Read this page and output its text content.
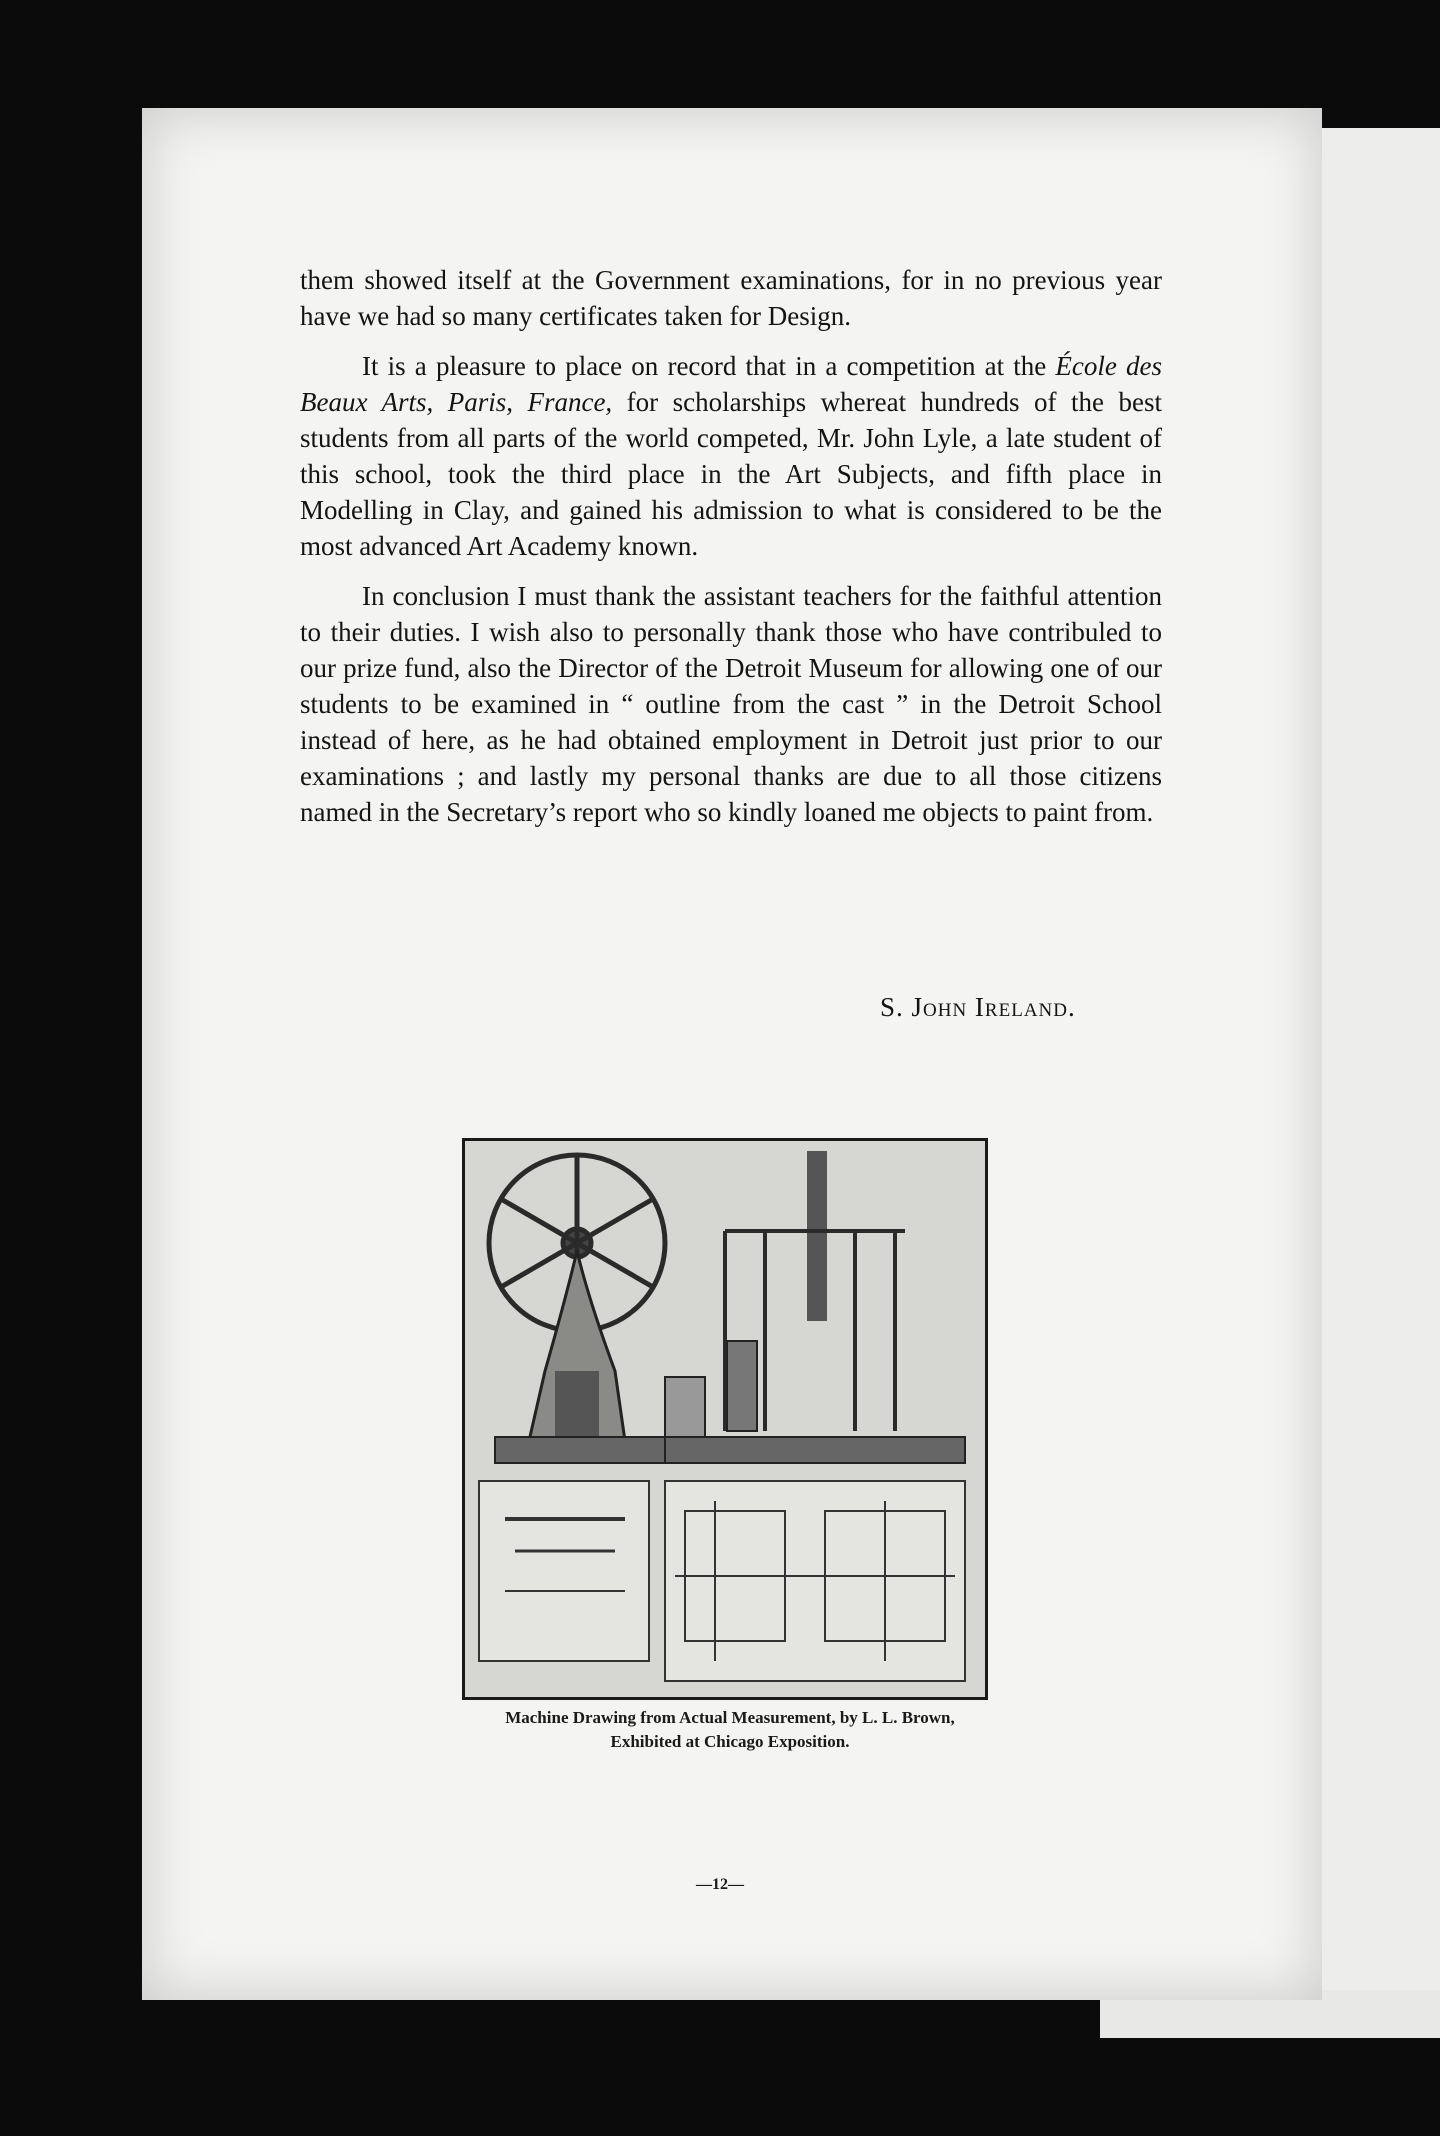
them showed itself at the Government examinations, for in no previous year have we had so many certificates taken for Design.

It is a pleasure to place on record that in a competition at the École des Beaux Arts, Paris, France, for scholarships whereat hundreds of the best students from all parts of the world competed, Mr. John Lyle, a late student of this school, took the third place in the Art Subjects, and fifth place in Modelling in Clay, and gained his admission to what is considered to be the most advanced Art Academy known.

In conclusion I must thank the assistant teachers for the faithful attention to their duties. I wish also to personally thank those who have contribuled to our prize fund, also the Director of the Detroit Museum for allowing one of our students to be examined in “ outline from the cast ” in the Detroit School instead of here, as he had obtained employment in Detroit just prior to our examinations ; and lastly my personal thanks are due to all those citizens named in the Secretary’s report who so kindly loaned me objects to paint from.

S. John Ireland.
Machine Drawing from Actual Measurement, by L. L. Brown,
Exhibited at Chicago Exposition.
—12—
